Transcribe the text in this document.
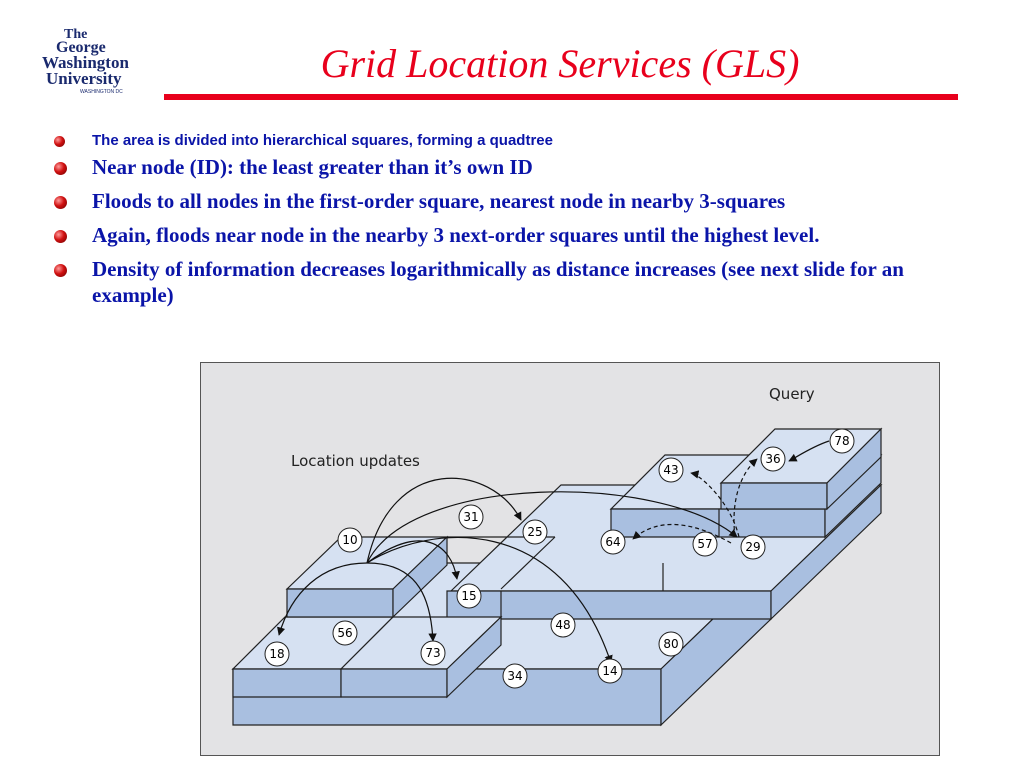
The
George
Washington
University
WASHINGTON DC
Grid Location Services (GLS)
The area is divided into hierarchical squares, forming a quadtree
Near node (ID): the least greater than it’s own ID
Floods to all nodes in the first-order square, nearest node in nearby 3-squares
Again, floods near node in the nearby 3 next-order squares until the highest level.
Density of information decreases logarithmically as distance increases (see next slide for an example)
Query
Location updates
10
31
25
15
56
18	73
48
14
34
80
64	57	29
43
36
78
